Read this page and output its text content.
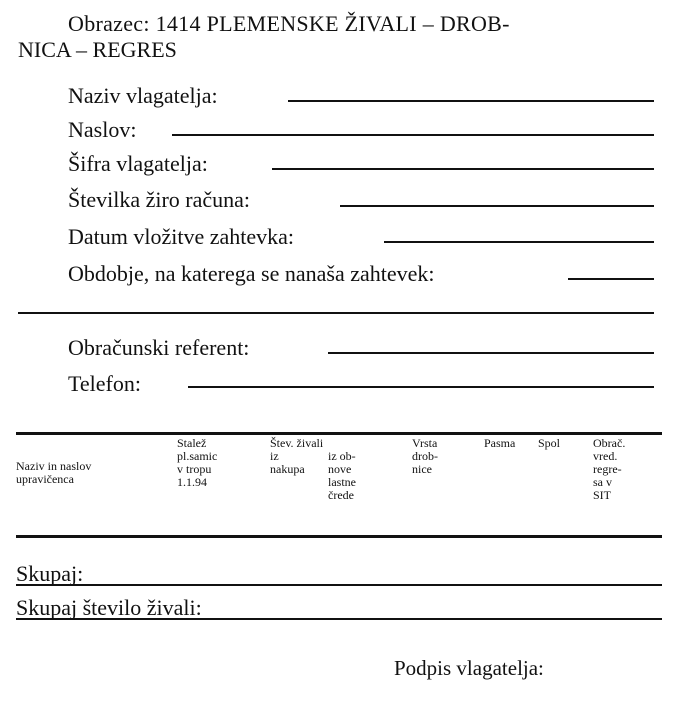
Obrazec: 1414 PLEMENSKE ŽIVALI – DROB-
NICA – REGRES
Naziv vlagatelja:
Naslov:
Šifra vlagatelja:
Številka žiro računa:
Datum vložitve zahtevka:
Obdobje, na katerega se nanaša zahtevek:
Obračunski referent:
Telefon:
Naziv in naslov
upravičenca
Stalež
pl.samic
v tropu
1.1.94
Štev. živali
iz
nakupa
iz ob-
nove
lastne
črede
Vrsta
drob-
nice
Pasma Spol	Obrač.
vred.
regre-
sa v
SIT
Skupaj:
Skupaj število živali:
Podpis vlagatelja:
